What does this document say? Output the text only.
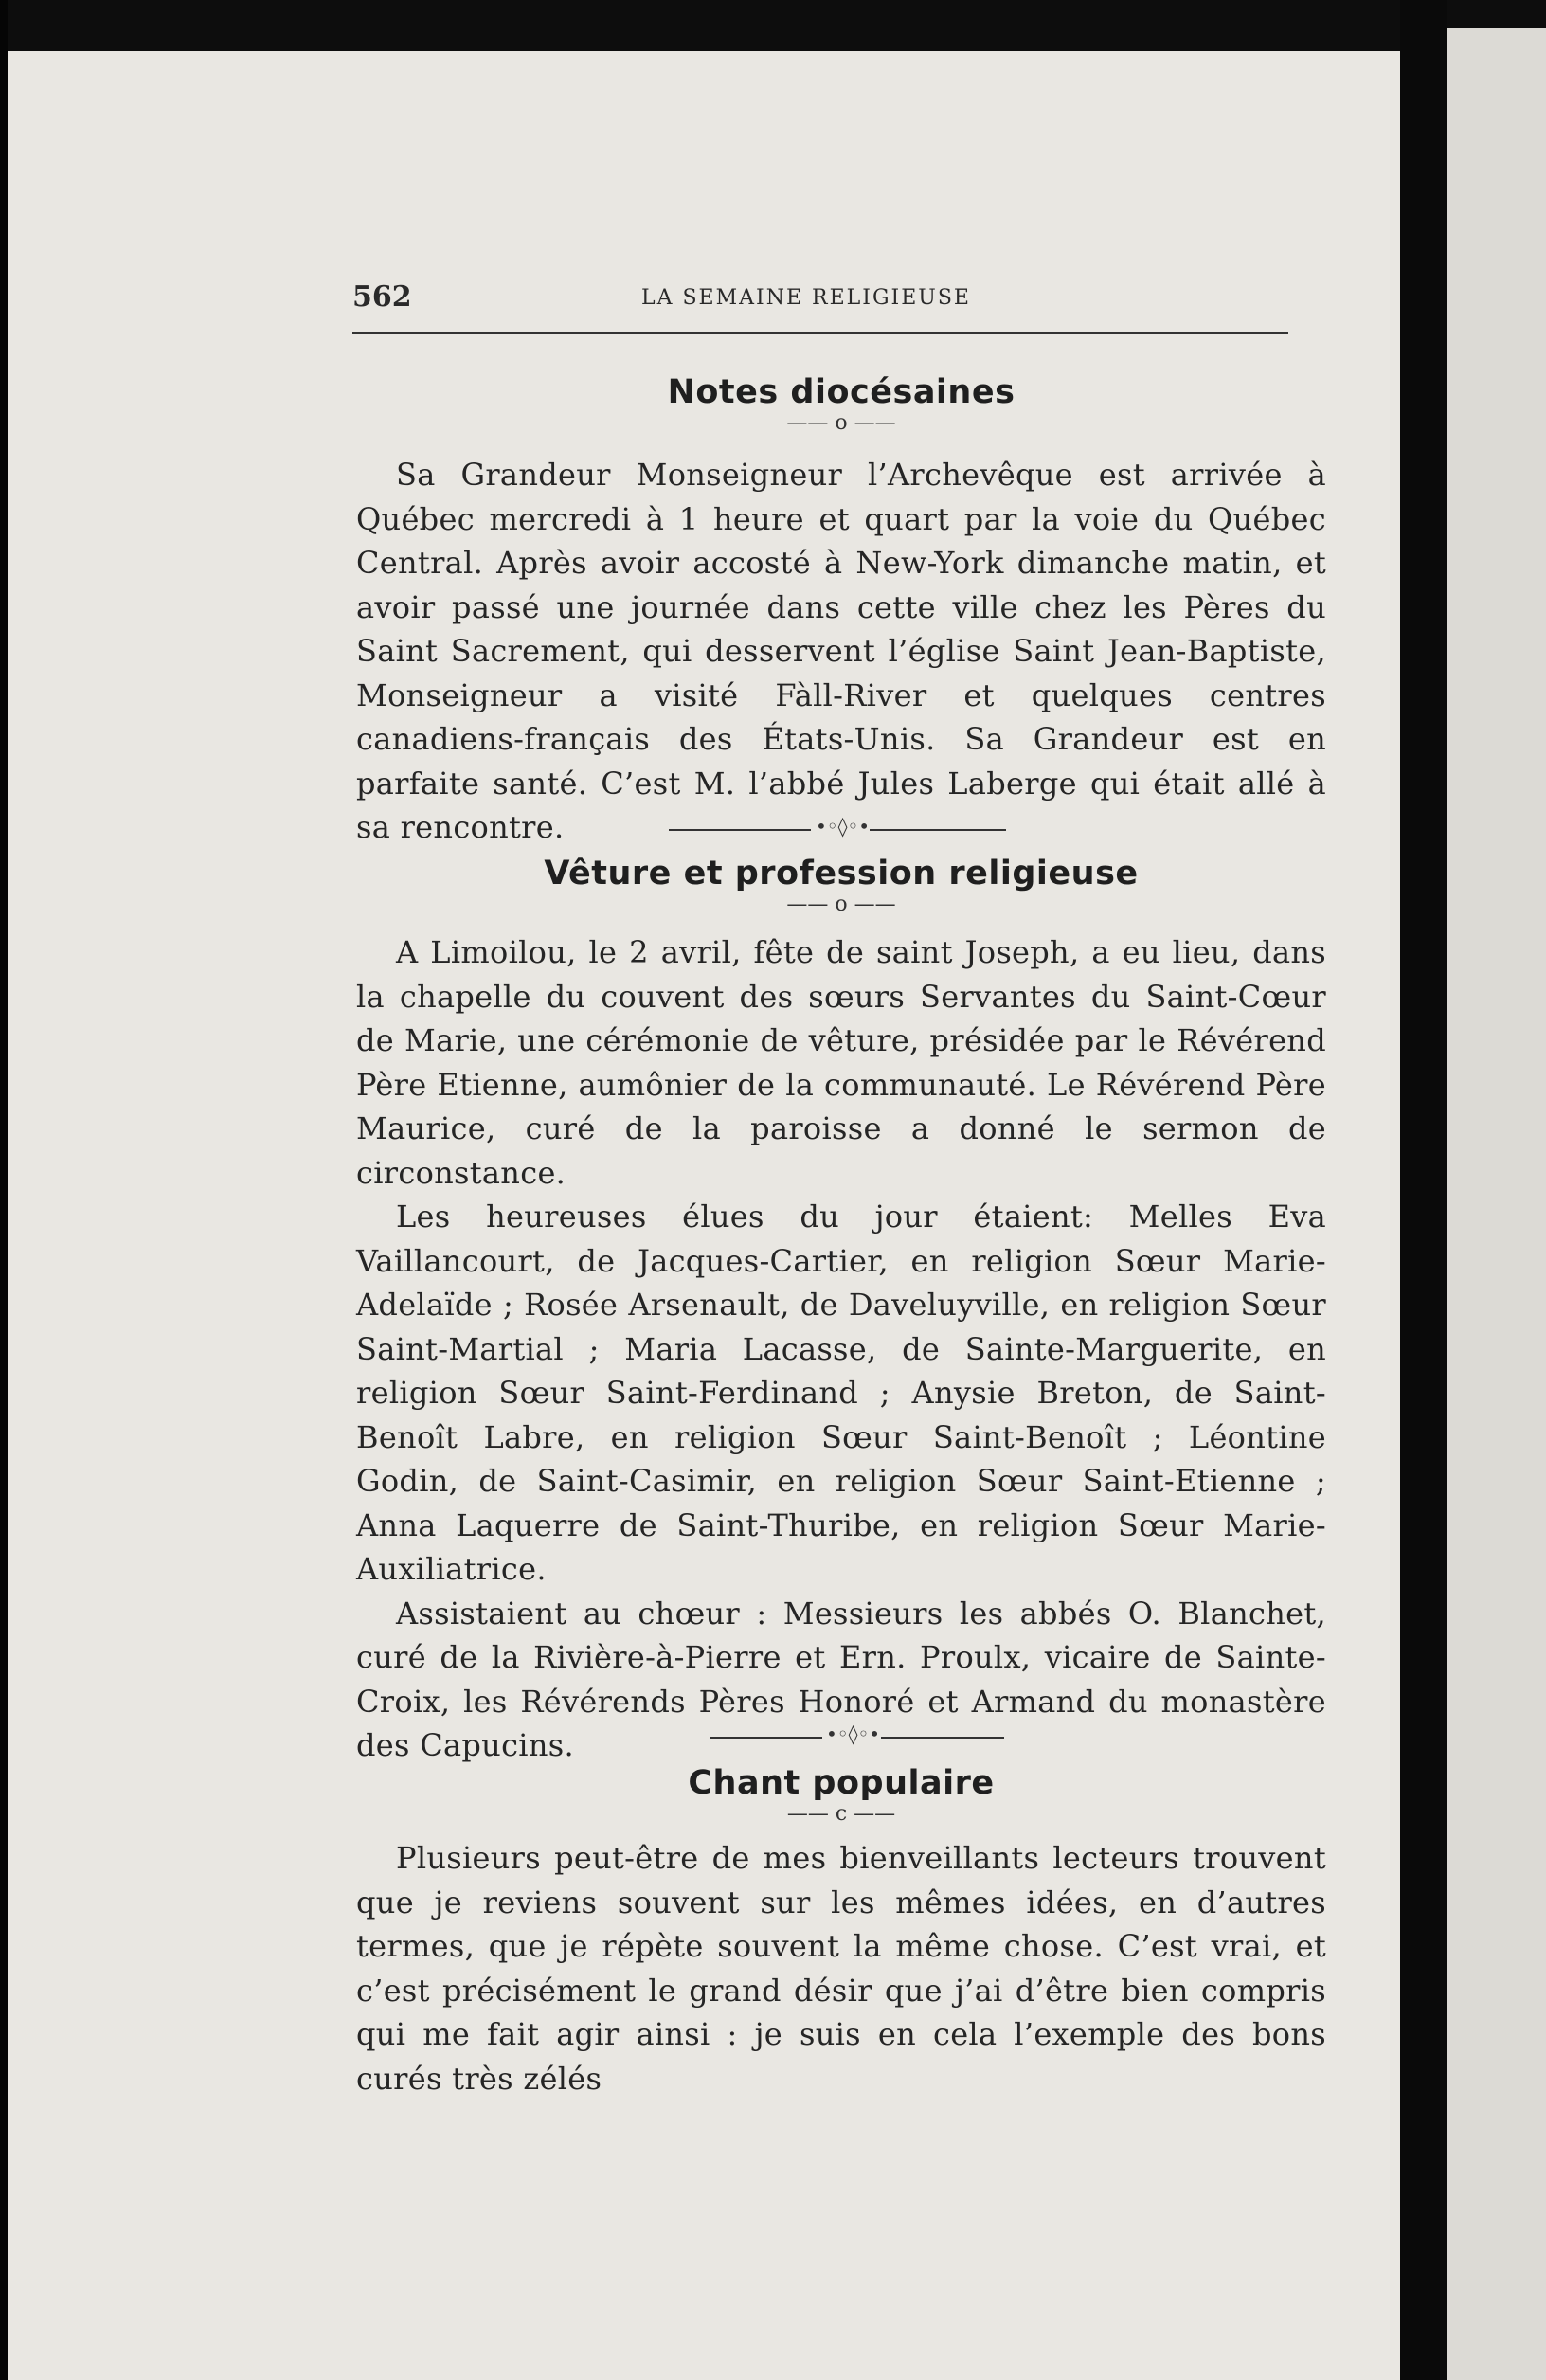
562	LA SEMAINE RELIGIEUSE
Notes diocésaines
—— o ——

Sa Grandeur Monseigneur l’Archevêque est arrivée à Québec mercredi à 1 heure et quart par la voie du Québec Central. Après avoir accosté à New-York dimanche matin, et avoir passé une journée dans cette ville chez les Pères du Saint Sacrement, qui desservent l’église Saint Jean-Baptiste, Monseigneur a visité Fàll-River et quelques centres canadiens-français des États-Unis. Sa Grandeur est en parfaite santé. C’est M. l’abbé Jules Laberge qui était allé à sa rencontre.	•◦◊◦•
Vêture et profession religieuse
—— o ——

A Limoilou, le 2 avril, fête de saint Joseph, a eu lieu, dans la chapelle du couvent des sœurs Servantes du Saint-Cœur de Marie, une cérémonie de vêture, présidée par le Révérend Père Etienne, aumônier de la communauté. Le Révérend Père Maurice, curé de la paroisse a donné le sermon de circonstance.

Les heureuses élues du jour étaient: Melles Eva Vaillancourt, de Jacques-Cartier, en religion Sœur Marie-Adelaïde ; Rosée Arsenault, de Daveluyville, en religion Sœur Saint-Martial ; Maria Lacasse, de Sainte-Marguerite, en religion Sœur Saint-Ferdinand ; Anysie Breton, de Saint-Benoît Labre, en religion Sœur Saint-Benoît ; Léontine Godin, de Saint-Casimir, en religion Sœur Saint-Etienne ; Anna Laquerre de Saint-Thuribe, en religion Sœur Marie-Auxiliatrice.

Assistaient au chœur : Messieurs les abbés O. Blanchet, curé de la Rivière-à-Pierre et Ern. Proulx, vicaire de Sainte-Croix, les Révérends Pères Honoré et Armand du monastère des Capucins.	•◦◊◦•
Chant populaire
—— c ——

Plusieurs peut-être de mes bienveillants lecteurs trouvent que je reviens souvent sur les mêmes idées, en d’autres termes, que je répète souvent la même chose. C’est vrai, et c’est précisément le grand désir que j’ai d’être bien compris qui me fait agir ainsi : je suis en cela l’exemple des bons curés très zélés
